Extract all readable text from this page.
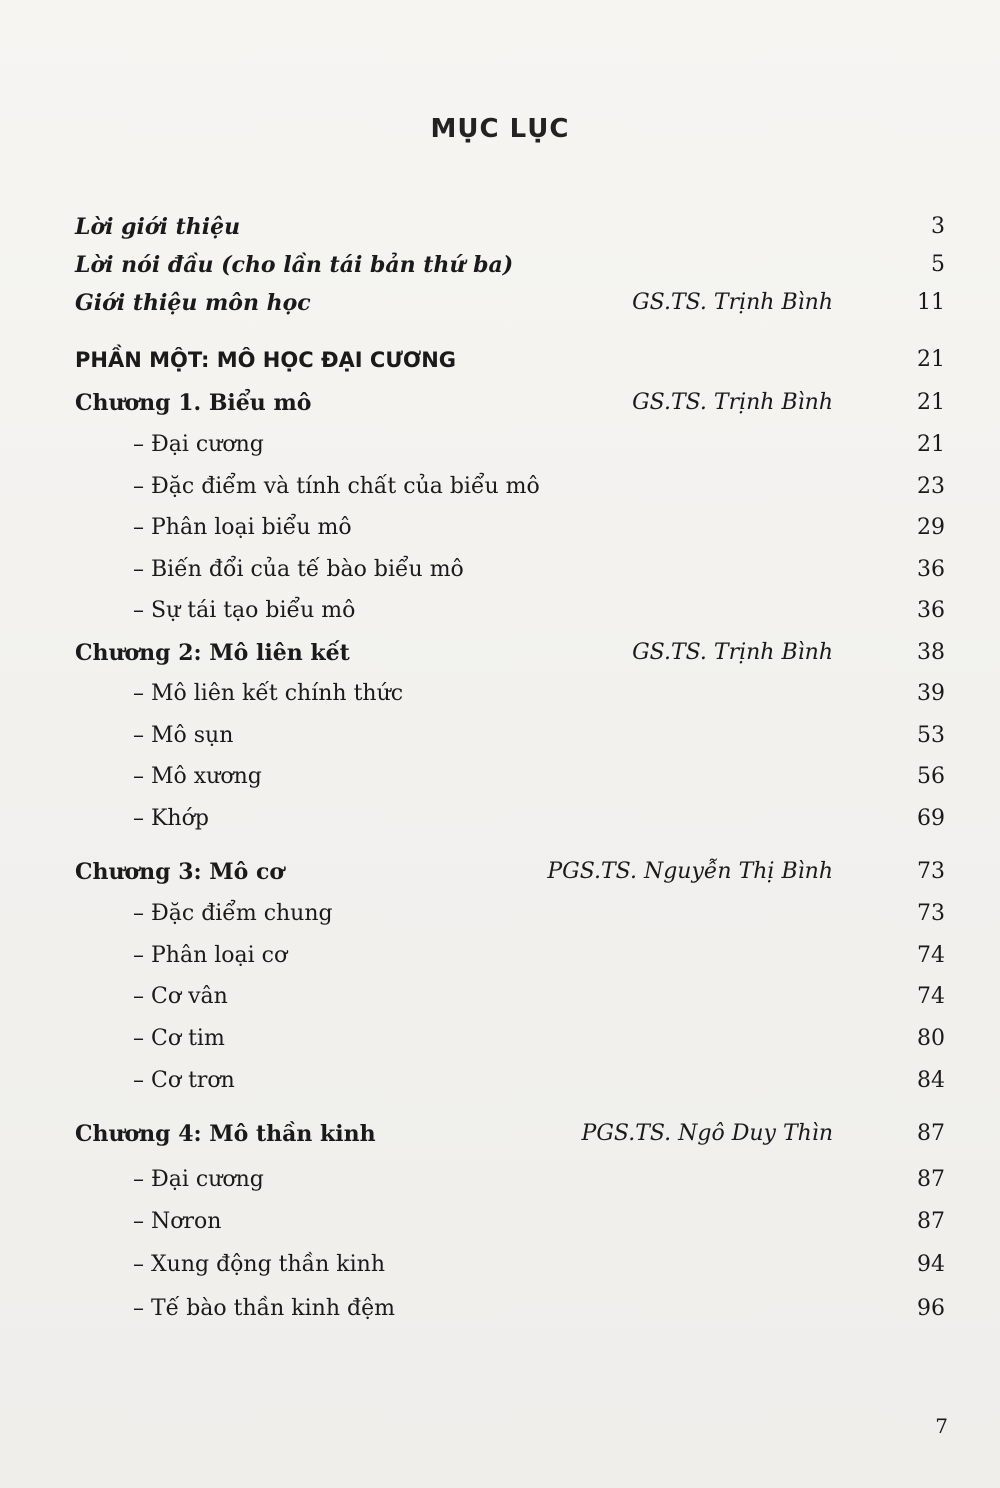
MỤC LỤC
Lời giới thiệu	3
Lời nói đầu (cho lần tái bản thứ ba)	5
Giới thiệu môn học	GS.TS. Trịnh Bình	11
PHẦN MỘT: MÔ HỌC ĐẠI CƯƠNG	21
Chương 1. Biểu mô	GS.TS. Trịnh Bình	21
– Đại cương	21
– Đặc điểm và tính chất của biểu mô	23
– Phân loại biểu mô	29
– Biến đổi của tế bào biểu mô	36
– Sự tái tạo biểu mô	36
Chương 2: Mô liên kết	GS.TS. Trịnh Bình	38
– Mô liên kết chính thức	39
– Mô sụn	53
– Mô xương	56
– Khớp	69
Chương 3: Mô cơ	PGS.TS. Nguyễn Thị Bình	73
– Đặc điểm chung	73
– Phân loại cơ	74
– Cơ vân	74
– Cơ tim	80
– Cơ trơn	84
Chương 4: Mô thần kinh	PGS.TS. Ngô Duy Thìn	87
– Đại cương	87
– Nơron	87
– Xung động thần kinh	94
– Tế bào thần kinh đệm	96
7
